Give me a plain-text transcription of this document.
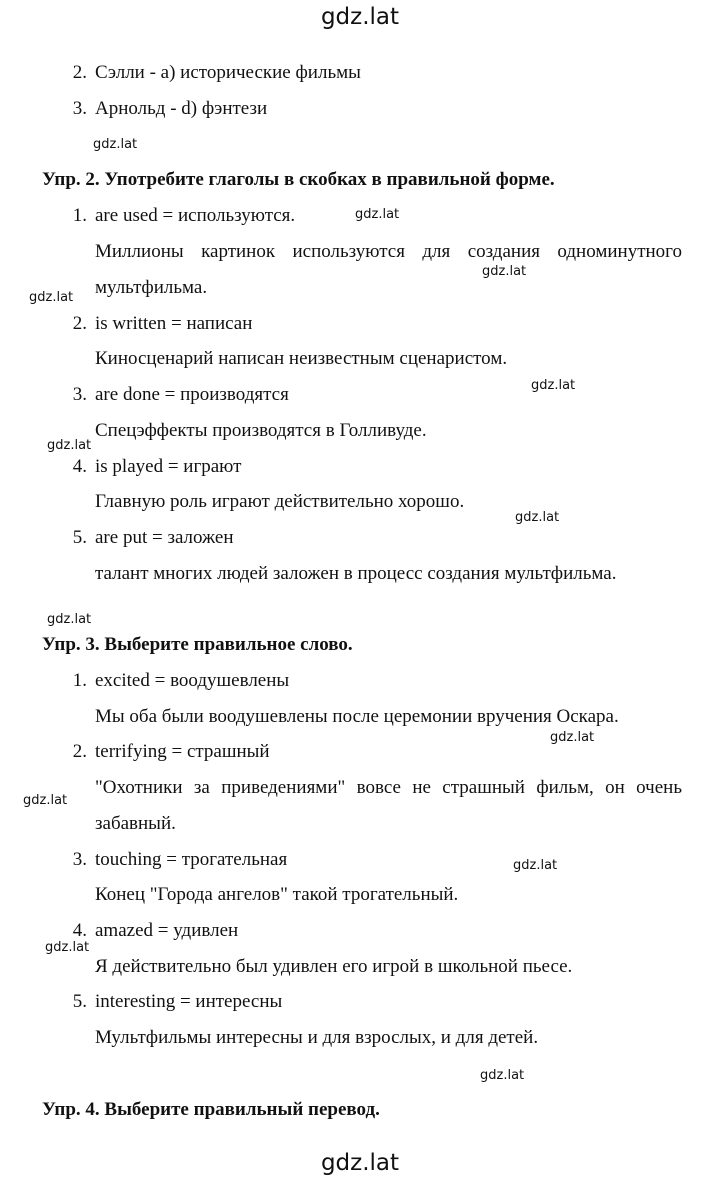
gdz.lat
gdz.lat
2. Сэлли - a) исторические фильмы
3. Арнольд - d) фэнтези
Упр. 2. Употребите глаголы в скобках в правильной форме.
1. are used = используются.
Миллионы картинок используются для создания одноминутного
мультфильма.
2. is written = написан
Киносценарий написан неизвестным сценаристом.
3. are done = производятся
Спецэффекты производятся в Голливуде.
4. is played = играют
Главную роль играют действительно хорошо.
5. are put = заложен
талант многих людей заложен в процесс создания мультфильма.
Упр. 3. Выберите правильное слово.
1. excited = воодушевлены
Мы оба были воодушевлены после церемонии вручения Оскара.
2. terrifying = страшный
"Охотники за приведениями" вовсе не страшный фильм, он очень
забавный.
3. touching = трогательная
Конец "Города ангелов" такой трогательный.
4. amazed = удивлен
Я действительно был удивлен его игрой в школьной пьесе.
5. interesting = интересны
Мультфильмы интересны и для взрослых, и для детей.
Упр. 4. Выберите правильный перевод.
gdz.lat
gdz.lat
gdz.lat
gdz.lat
gdz.lat
gdz.lat
gdz.lat
gdz.lat
gdz.lat
gdz.lat
gdz.lat
gdz.lat
gdz.lat
